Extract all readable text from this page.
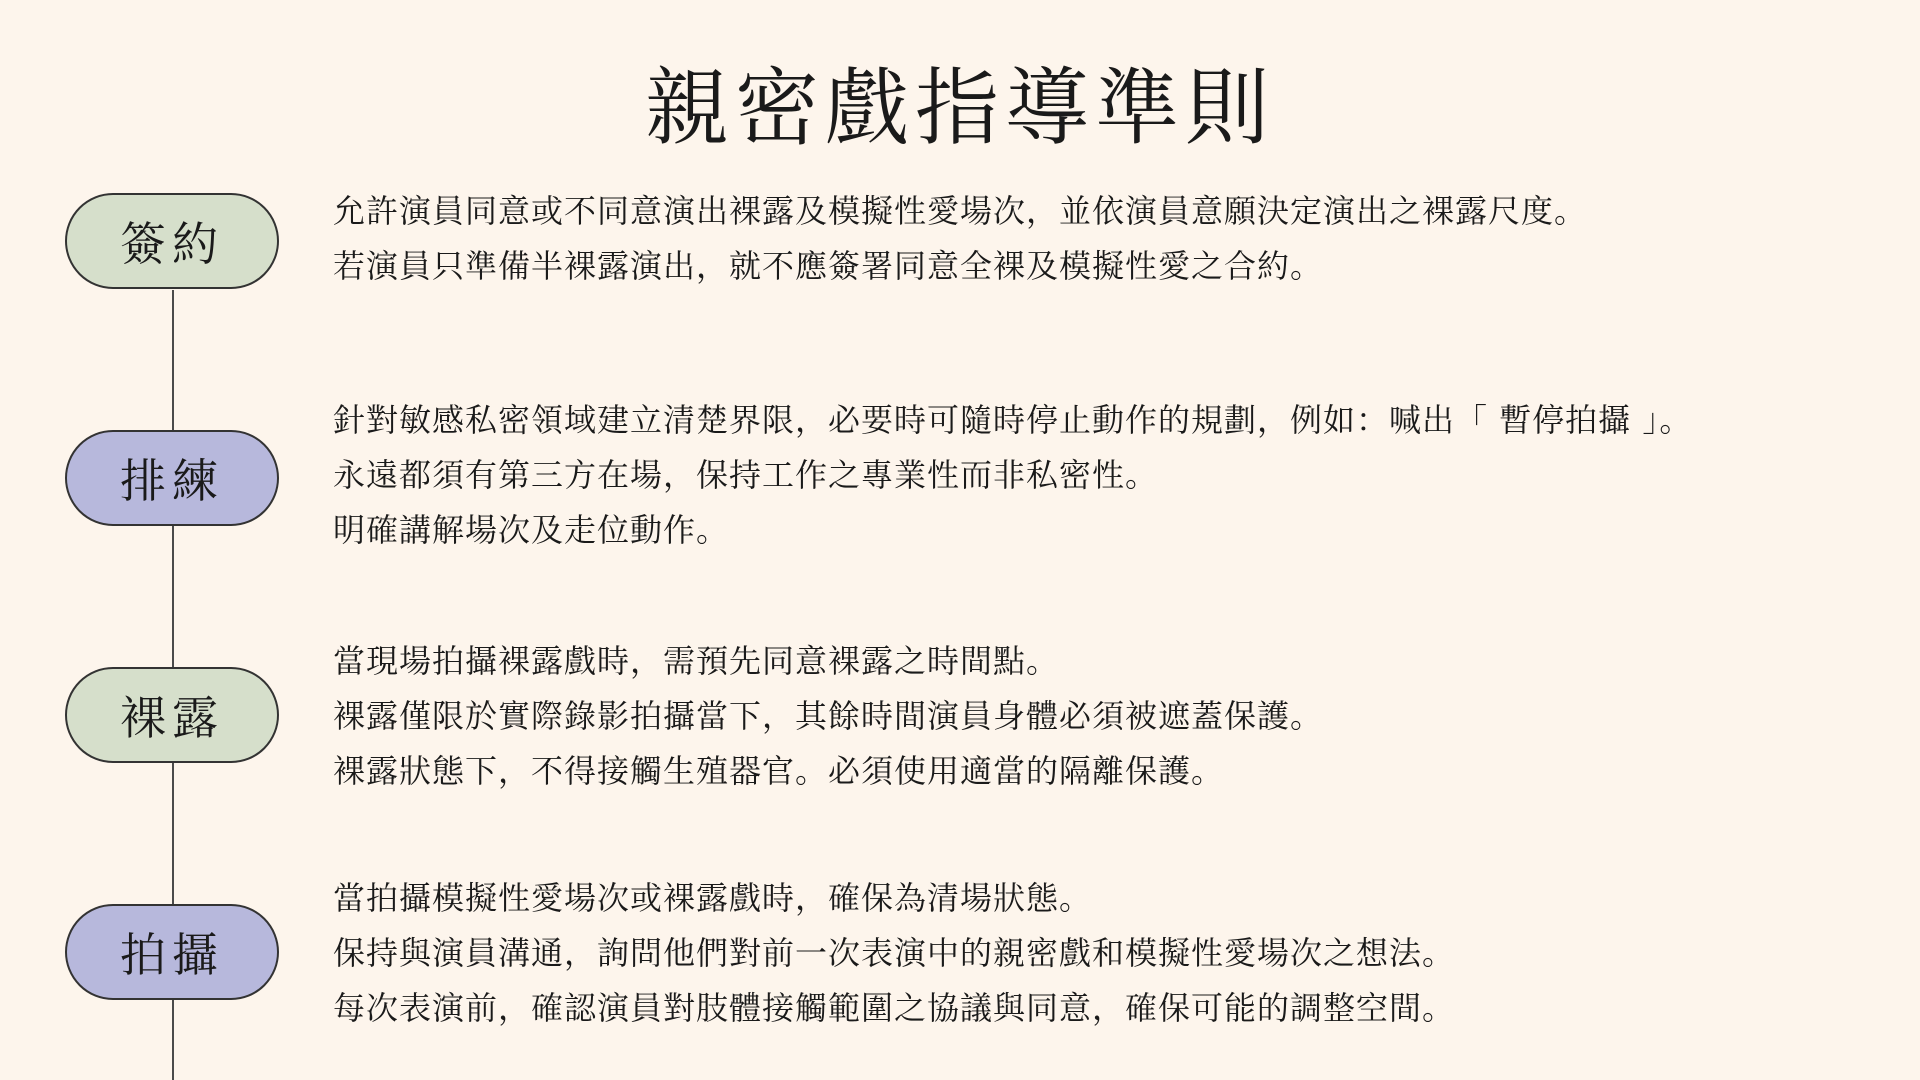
親密戲指導準則
簽約
允許演員同意或不同意演出裸露及模擬性愛場次，並依演員意願決定演出之裸露尺度。
若演員只準備半裸露演出，就不應簽署同意全裸及模擬性愛之合約。
排練
針對敏感私密領域建立清楚界限，必要時可隨時停止動作的規劃，例如：喊出「 暫停拍攝 」。
永遠都須有第三方在場，保持工作之專業性而非私密性。
明確講解場次及走位動作。
裸露
當現場拍攝裸露戲時，需預先同意裸露之時間點。
裸露僅限於實際錄影拍攝當下，其餘時間演員身體必須被遮蓋保護。
裸露狀態下，不得接觸生殖器官。必須使用適當的隔離保護。
拍攝
當拍攝模擬性愛場次或裸露戲時，確保為清場狀態。
保持與演員溝通，詢問他們對前一次表演中的親密戲和模擬性愛場次之想法。
每次表演前，確認演員對肢體接觸範圍之協議與同意，確保可能的調整空間。
